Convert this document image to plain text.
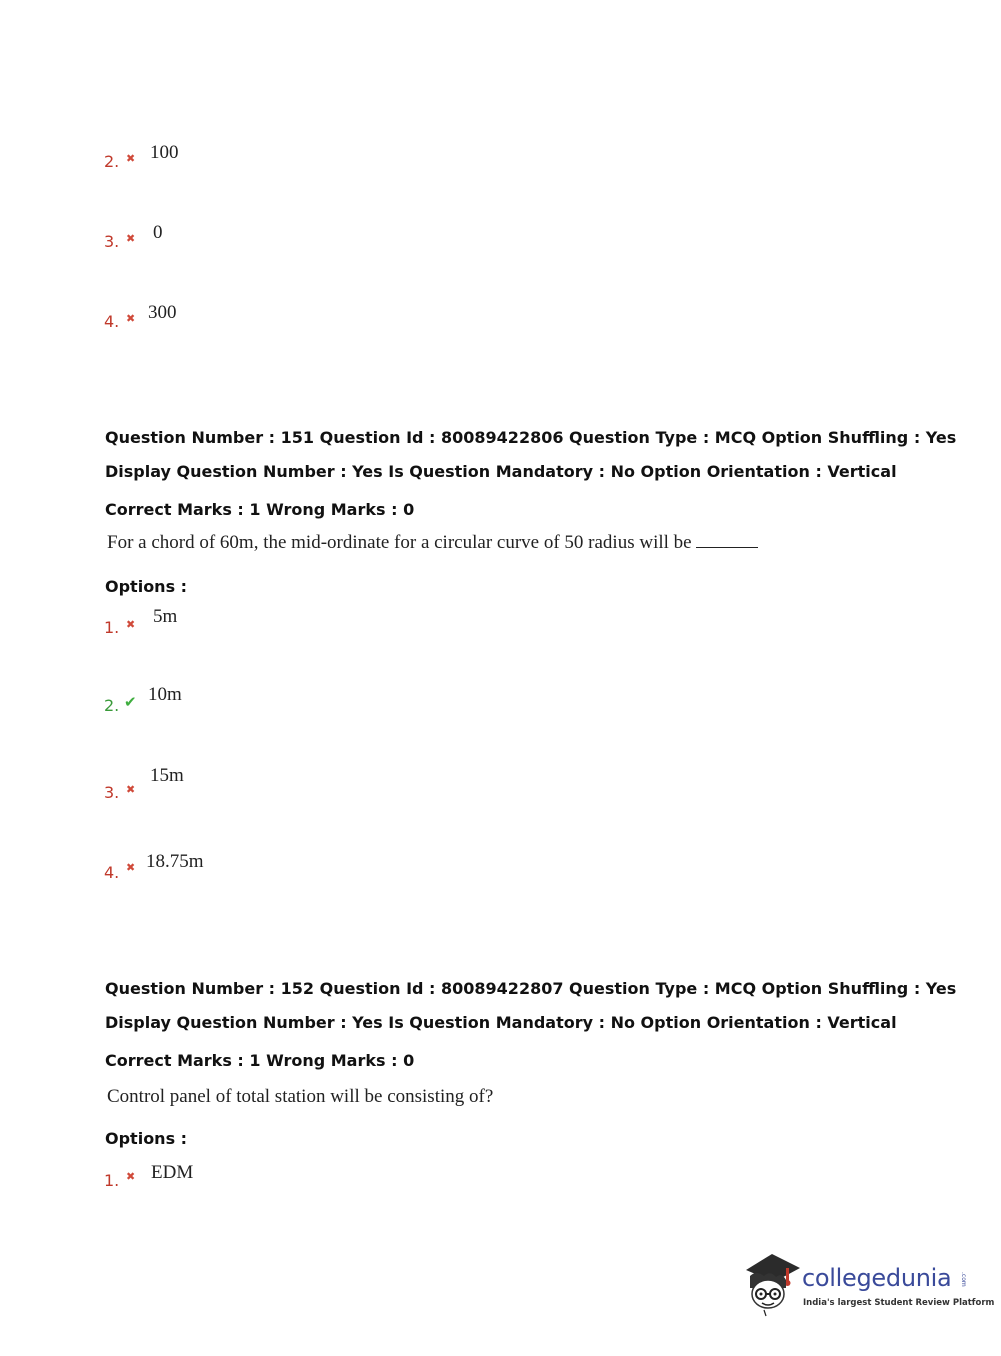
2. ✖ 100
3. ✖ 0
4. ✖ 300
Question Number : 151 Question Id : 80089422806 Question Type : MCQ Option Shuffling : Yes
Display Question Number : Yes Is Question Mandatory : No Option Orientation : Vertical
Correct Marks : 1 Wrong Marks : 0
For a chord of 60m, the mid-ordinate for a circular curve of 50 radius will be
Options :
1. ✖ 5m
2. ✔ 10m
3. ✖
15m
4. ✖ 18.75m
Question Number : 152 Question Id : 80089422807 Question Type : MCQ Option Shuffling : Yes
Display Question Number : Yes Is Question Mandatory : No Option Orientation : Vertical
Correct Marks : 1 Wrong Marks : 0
Control panel of total station will be consisting of?
Options :
1. ✖ EDM
collegedunia .com
India's largest Student Review Platform
